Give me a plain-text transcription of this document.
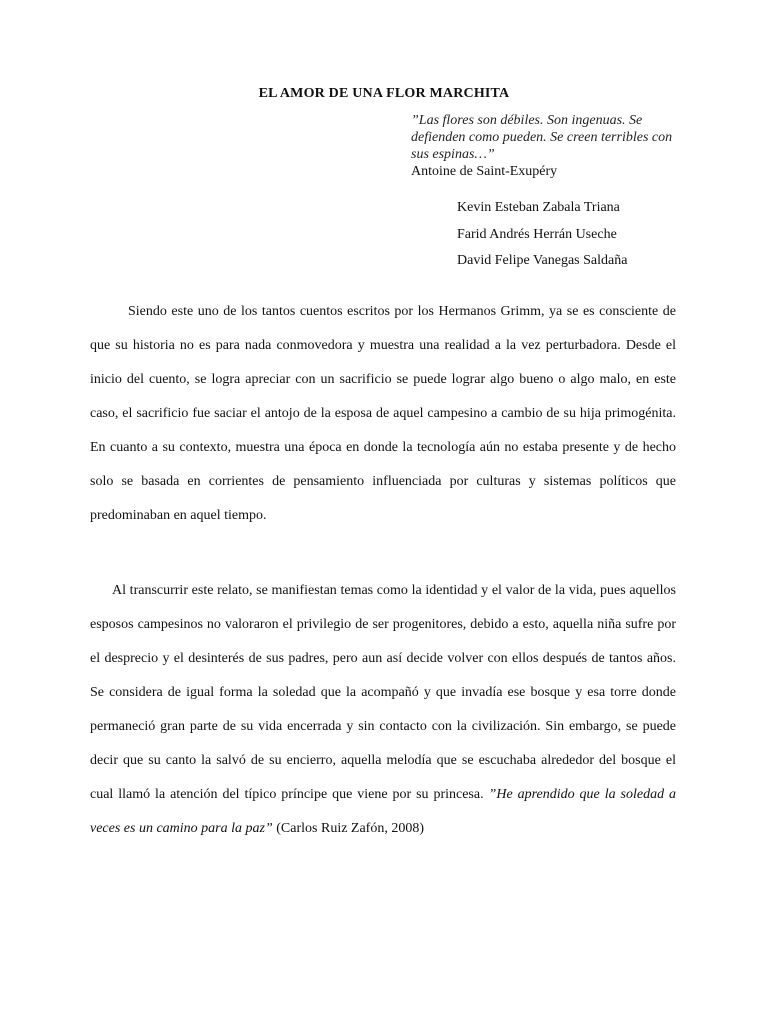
EL AMOR DE UNA FLOR MARCHITA
”Las flores son débiles. Son ingenuas. Se defienden como pueden. Se creen terribles con sus espinas…”
Antoine de Saint-Exupéry
Kevin Esteban Zabala Triana
Farid Andrés Herrán Useche
David Felipe Vanegas Saldaña

Siendo este uno de los tantos cuentos escritos por los Hermanos Grimm, ya se es consciente de que su historia no es para nada conmovedora y muestra una realidad a la vez perturbadora. Desde el inicio del cuento, se logra apreciar con un sacrificio se puede lograr algo bueno o algo malo, en este caso, el sacrificio fue saciar el antojo de la esposa de aquel campesino a cambio de su hija primogénita. En cuanto a su contexto, muestra una época en donde la tecnología aún no estaba presente y de hecho solo se basada en corrientes de pensamiento influenciada por culturas y sistemas políticos que predominaban en aquel tiempo.

Al transcurrir este relato, se manifiestan temas como la identidad y el valor de la vida, pues aquellos esposos campesinos no valoraron el privilegio de ser progenitores, debido a esto, aquella niña sufre por el desprecio y el desinterés de sus padres, pero aun así decide volver con ellos después de tantos años. Se considera de igual forma la soledad que la acompañó y que invadía ese bosque y esa torre donde permaneció gran parte de su vida encerrada y sin contacto con la civilización. Sin embargo, se puede decir que su canto la salvó de su encierro, aquella melodía que se escuchaba alrededor del bosque el cual llamó la atención del típico príncipe que viene por su princesa. ”He aprendido que la soledad a veces es un camino para la paz” (Carlos Ruiz Zafón, 2008)
